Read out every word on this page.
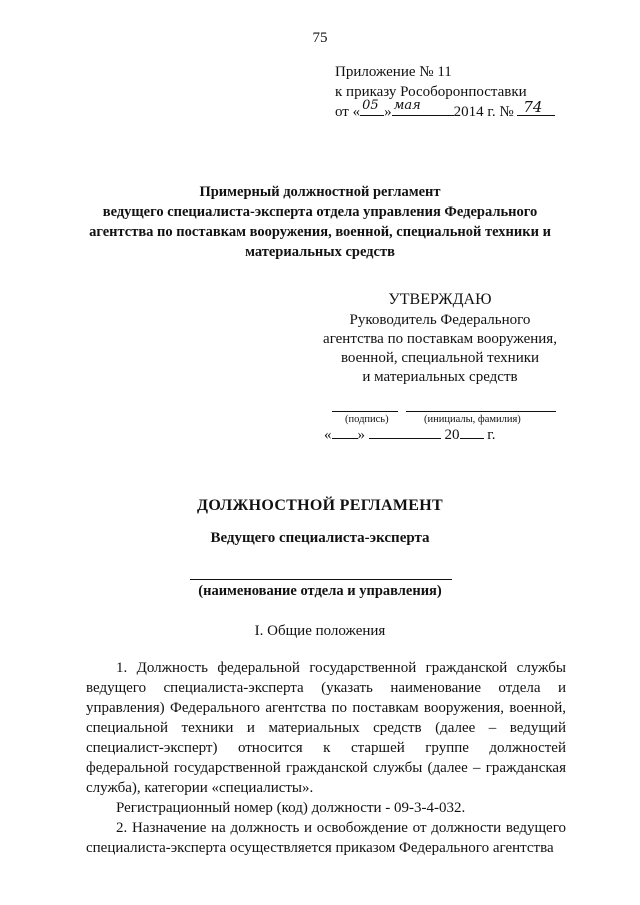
75
Приложение № 11
к приказу Рособоронпоставки
от « 05 » мая 2014 г. № 74
Примерный должностной регламент
ведущего специалиста-эксперта отдела управления Федерального
агентства по поставкам вооружения, военной, специальной техники и
материальных средств
УТВЕРЖДАЮ
Руководитель Федерального
агентства по поставкам вооружения,
военной, специальной техники
и материальных средств
(подпись)	(инициалы, фамилия)
« »	20 г.
ДОЛЖНОСТНОЙ РЕГЛАМЕНТ
Ведущего специалиста-эксперта
(наименование отдела и управления)
I. Общие положения

1. Должность федеральной государственной гражданской службы ведущего специалиста-эксперта (указать наименование отдела и управления) Федерального агентства по поставкам вооружения, военной, специальной техники и материальных средств (далее – ведущий специалист-эксперт) относится к старшей группе должностей федеральной государственной гражданской службы (далее – гражданская служба), категории «специалисты».

Регистрационный номер (код) должности - 09-3-4-032.

2. Назначение на должность и освобождение от должности ведущего специалиста-эксперта осуществляется приказом Федерального агентства
